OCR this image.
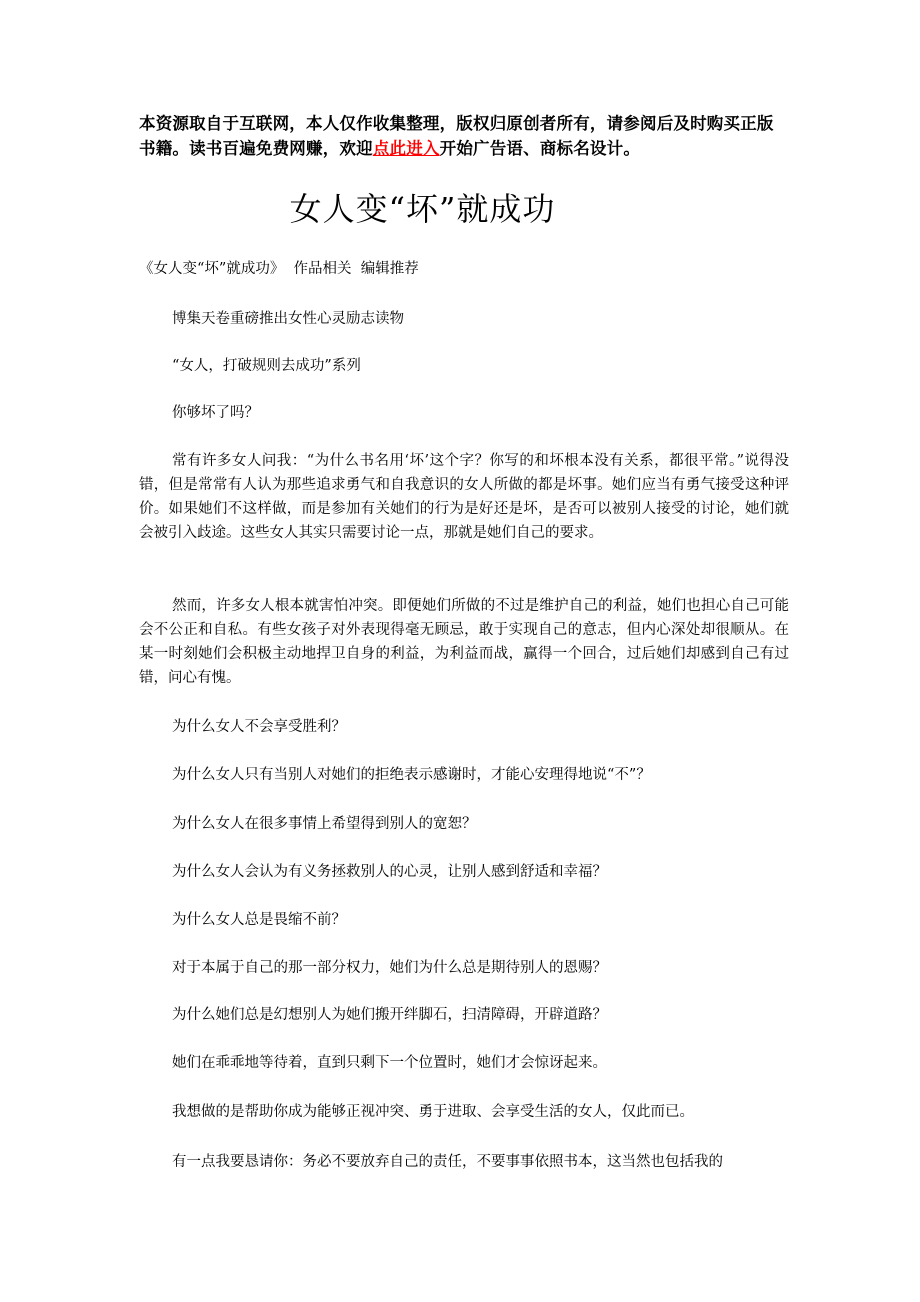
本资源取自于互联网，本人仅作收集整理，版权归原创者所有，请参阅后及时购买正版书籍。读书百遍免费网赚，欢迎点此进入开始广告语、商标名设计。
女人变“坏”就成功
《女人变“坏”就成功》  作品相关  编辑推荐

博集天卷重磅推出女性心灵励志读物

“女人，打破规则去成功”系列

你够坏了吗？

常有许多女人问我：“为什么书名用‘坏’这个字？你写的和坏根本没有关系，都很平常。”说得没错，但是常常有人认为那些追求勇气和自我意识的女人所做的都是坏事。她们应当有勇气接受这种评价。如果她们不这样做，而是参加有关她们的行为是好还是坏，是否可以被别人接受的讨论，她们就会被引入歧途。这些女人其实只需要讨论一点，那就是她们自己的要求。

然而，许多女人根本就害怕冲突。即便她们所做的不过是维护自己的利益，她们也担心自己可能会不公正和自私。有些女孩子对外表现得毫无顾忌，敢于实现自己的意志，但内心深处却很顺从。在某一时刻她们会积极主动地捍卫自身的利益，为利益而战，赢得一个回合，过后她们却感到自己有过错，问心有愧。

为什么女人不会享受胜利？

为什么女人只有当别人对她们的拒绝表示感谢时，才能心安理得地说“不”？

为什么女人在很多事情上希望得到别人的宽恕？

为什么女人会认为有义务拯救别人的心灵，让别人感到舒适和幸福？

为什么女人总是畏缩不前？

对于本属于自己的那一部分权力，她们为什么总是期待别人的恩赐？

为什么她们总是幻想别人为她们搬开绊脚石，扫清障碍，开辟道路？

她们在乖乖地等待着，直到只剩下一个位置时，她们才会惊讶起来。

我想做的是帮助你成为能够正视冲突、勇于进取、会享受生活的女人，仅此而已。

有一点我要恳请你：务必不要放弃自己的责任，不要事事依照书本，这当然也包括我的
